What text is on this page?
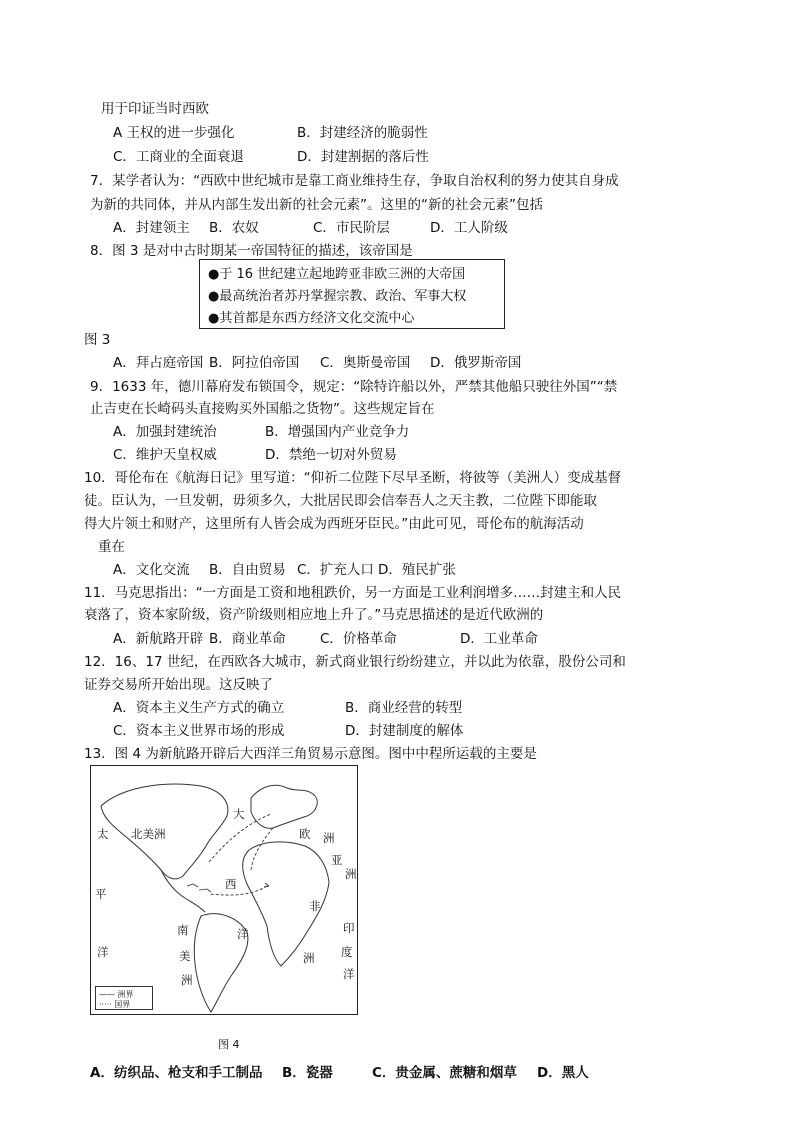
用于印证当时西欧
A 王权的进一步强化	B．封建经济的脆弱性
C．工商业的全面衰退	D．封建割据的落后性
7．某学者认为：“西欧中世纪城市是靠工商业维持生存，争取自治权利的努力使其自身成
为新的共同体，并从内部生发出新的社会元素”。这里的“新的社会元素”包括
A．封建领主 B．农奴	C．市民阶层	D．工人阶级
8．图 3 是对中古时期某一帝国特征的描述，该帝国是
●于 16 世纪建立起地跨亚非欧三洲的大帝国
●最高统治者苏丹掌握宗教、政治、军事大权
●其首都是东西方经济文化交流中心
图 3
A．拜占庭帝国 B．阿拉伯帝国 C．奥斯曼帝国 D．俄罗斯帝国
9．1633 年，德川幕府发布锁国令，规定：“除特许船以外，严禁其他船只驶往外国”“禁
止吉吏在长崎码头直接购买外国船之货物”。这些规定旨在
A．加强封建统治	B．增强国内产业竞争力
C．维护天皇权威	D．禁绝一切对外贸易
10．哥伦布在《航海日记》里写道：“仰祈二位陛下尽早圣断，将彼等（美洲人）变成基督
徒。臣认为，一旦发朝，毋须多久，大批居民即会信奉吾人之天主教，二位陛下即能取
得大片领土和财产，这里所有人皆会成为西班牙臣民。”由此可见，哥伦布的航海活动
重在
A．文化交流 B．自由贸易 C．扩充人口 D．殖民扩张
11．马克思指出：“一方面是工资和地租跌价，另一方面是工业利润增多……封建主和人民
衰落了，资本家阶级，资产阶级则相应地上升了。”马克思描述的是近代欧洲的
A．新航路开辟 B．商业革命	C．价格革命	D．工业革命
12．16、17 世纪，在西欧各大城市，新式商业银行纷纷建立，并以此为依靠，股份公司和
证券交易所开始出现。这反映了
A．资本主义生产方式的确立	B．商业经营的转型
C．资本主义世界市场的形成	D．封建制度的解体
13．图 4 为新航路开辟后大西洋三角贸易示意图。图中中程所运载的主要是
太
平
洋
北美洲
大
西
洋
欧 洲
亚
洲
非
洲
南
美
洲
印
度
洋
—— 洲界
····· 国界
图 4
A．纺织品、枪支和手工制品 B．瓷器	C．贵金属、蔗糖和烟草 D．黑人
